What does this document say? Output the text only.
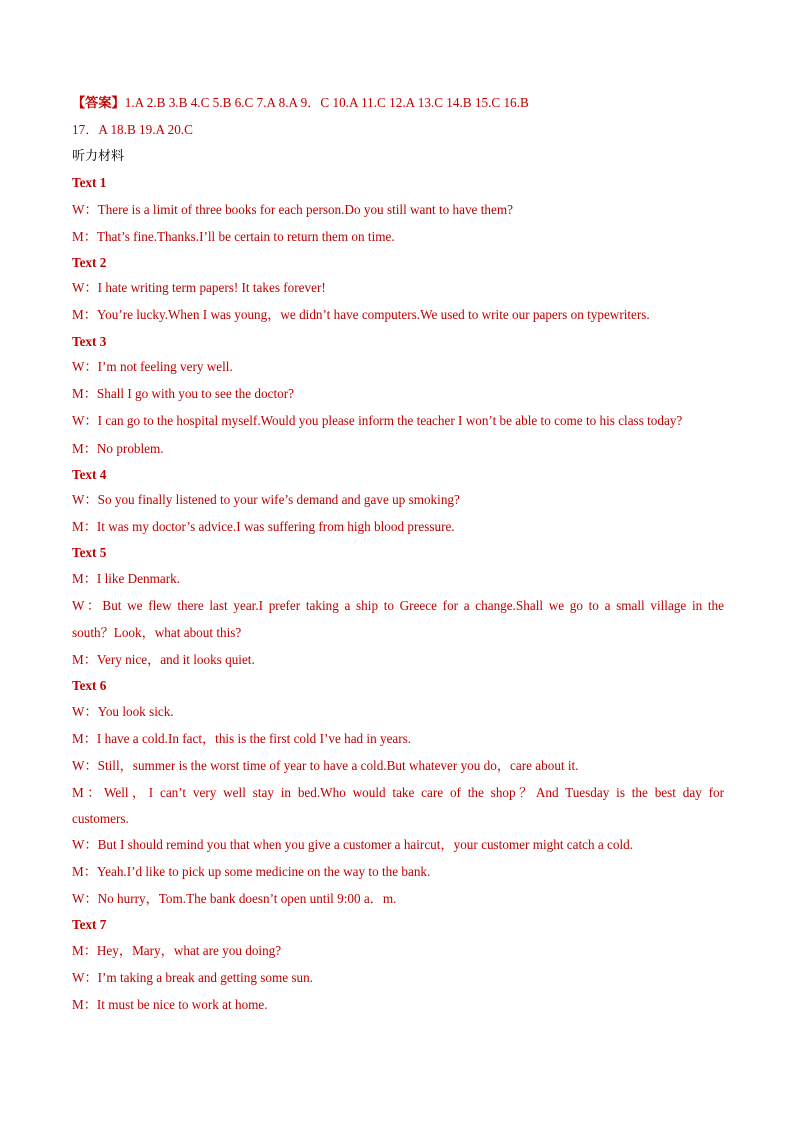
【答案】1.A 2.B 3.B 4.C 5.B 6.C 7.A 8.A 9．C 10.A 11.C 12.A 13.C 14.B 15.C 16.B
17．A 18.B 19.A 20.C
听力材料
Text 1
W：There is a limit of three books for each person.Do you still want to have them?
M：That’s fine.Thanks.I’ll be certain to return them on time.
Text 2
W：I hate writing term papers! It takes forever!
M：You’re lucky.When I was young，we didn’t have computers.We used to write our papers on typewriters.
Text 3
W：I’m not feeling very well.
M：Shall I go with you to see the doctor?
W：I can go to the hospital myself.Would you please inform the teacher I won’t be able to come to his class today?
M：No problem.
Text 4
W：So you finally listened to your wife’s demand and gave up smoking?
M：It was my doctor’s advice.I was suffering from high blood pressure.
Text 5
M：I like Denmark.
W：But we flew there last year.I prefer taking a ship to Greece for a change.Shall we go to a small village in the
south？Look，what about this?
M：Very nice，and it looks quiet.
Text 6
W：You look sick.
M：I have a cold.In fact，this is the first cold I’ve had in years.
W：Still，summer is the worst time of year to have a cold.But whatever you do，care about it.
M：Well，I can’t very well stay in bed.Who would take care of the shop？And Tuesday is the best day for
customers.
W：But I should remind you that when you give a customer a haircut，your customer might catch a cold.
M：Yeah.I’d like to pick up some medicine on the way to the bank.
W：No hurry，Tom.The bank doesn’t open until 9:00 a．m.
Text 7
M：Hey，Mary，what are you doing?
W：I’m taking a break and getting some sun.
M：It must be nice to work at home.
